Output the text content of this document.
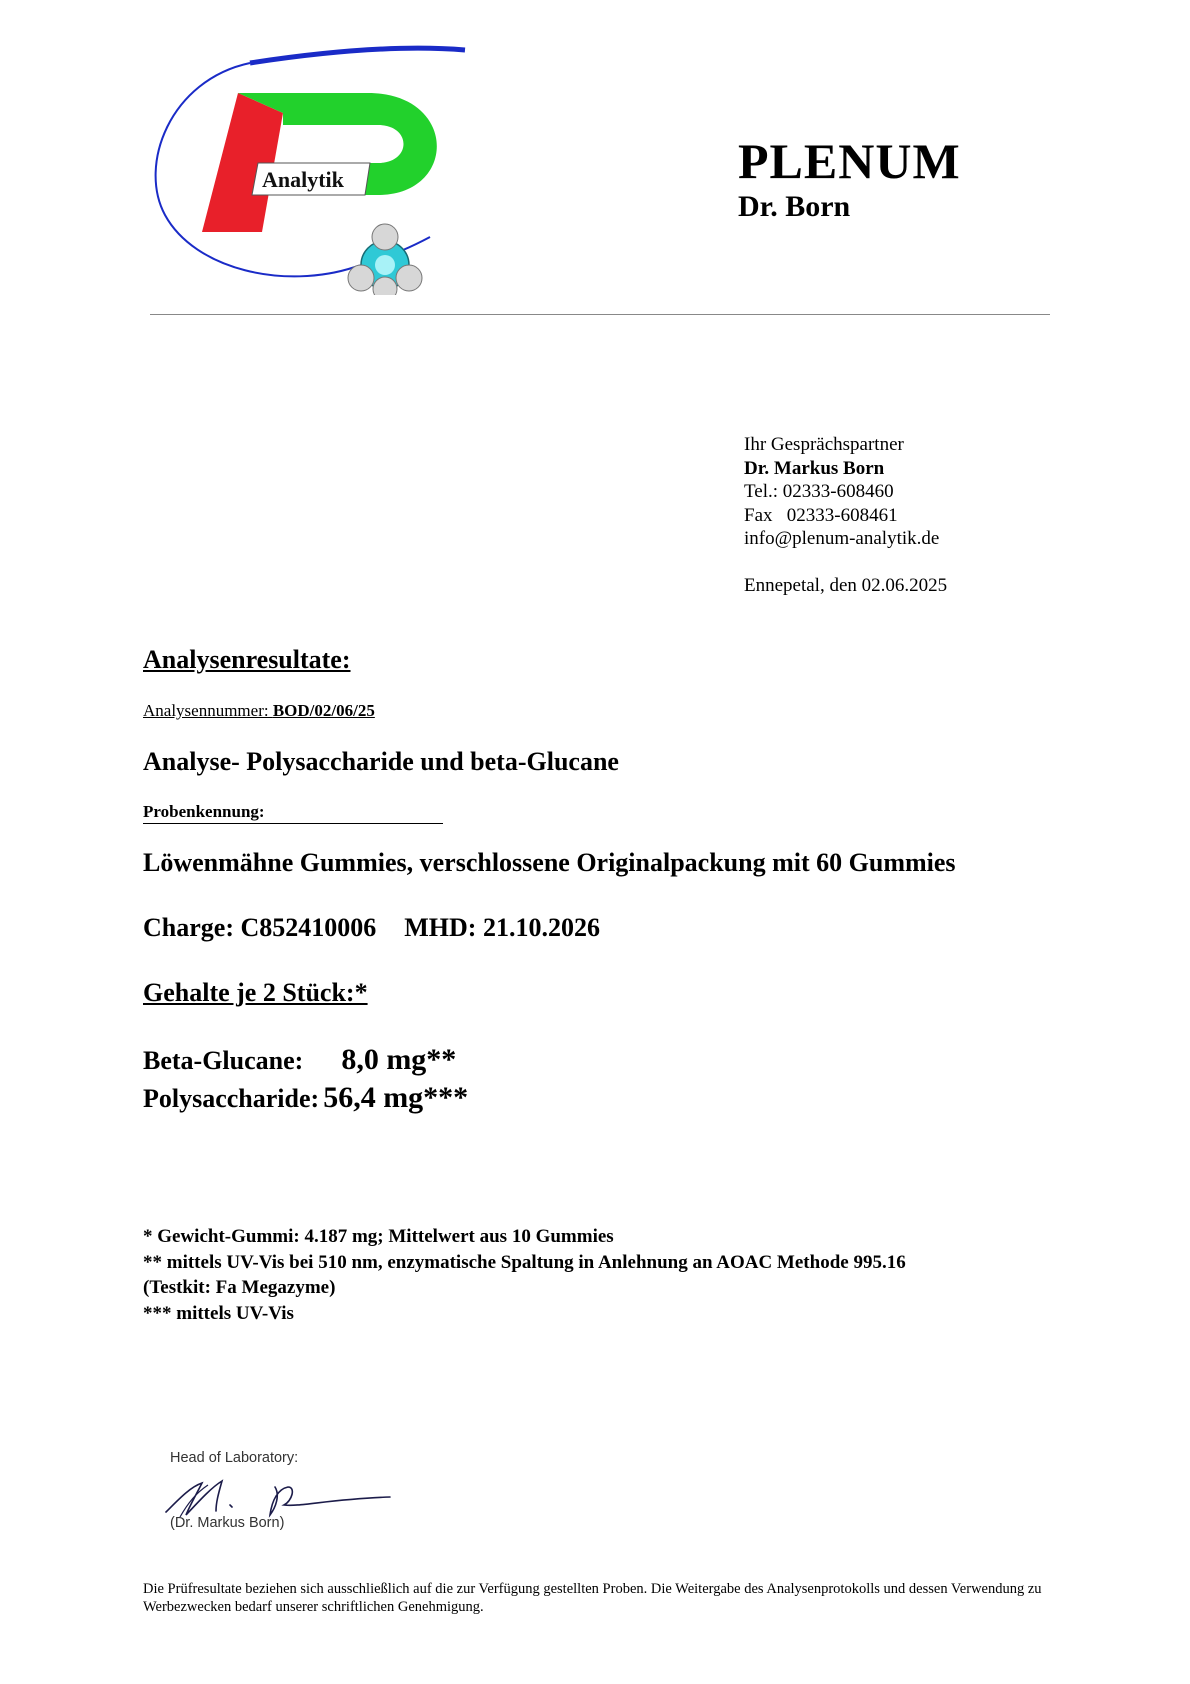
Analytik	PLENUM
Dr. Born
Ihr Gesprächspartner
Dr. Markus Born
Tel.: 02333-608460
Fax   02333-608461
info@plenum-analytik.de
Ennepetal, den 02.06.2025
Analysenresultate:
Analysennummer: BOD/02/06/25
Analyse- Polysaccharide und beta-Glucane
Probenkennung:
Löwenmähne Gummies, verschlossene Originalpackung mit 60 Gummies
Charge: C852410006 MHD: 21.10.2026
Gehalte je 2 Stück:*
Beta-Glucane: 8,0 mg**
Polysaccharide: 56,4 mg***
* Gewicht-Gummi: 4.187 mg; Mittelwert aus 10 Gummies
** mittels UV-Vis bei 510 nm, enzymatische Spaltung in Anlehnung an AOAC Methode 995.16
(Testkit: Fa Megazyme)
*** mittels UV-Vis
Head of Laboratory:
(Dr. Markus Born)
Die Prüfresultate beziehen sich ausschließlich auf die zur Verfügung gestellten Proben. Die Weitergabe des Analysenprotokolls und dessen Verwendung zu Werbezwecken bedarf unserer schriftlichen Genehmigung.
